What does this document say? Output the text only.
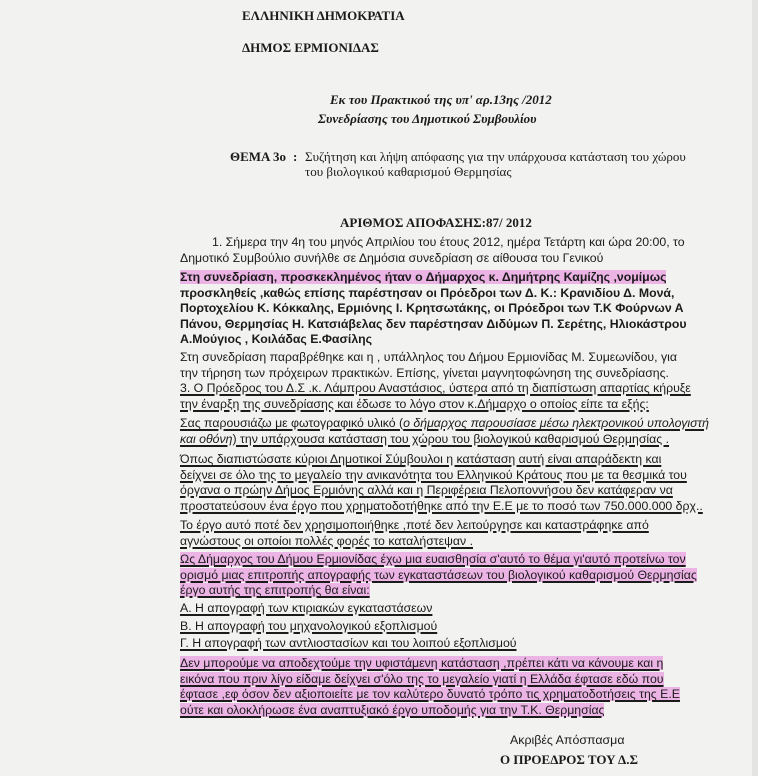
ΕΛΛΗΝΙΚΗ ΔΗΜΟΚΡΑΤΙΑ
ΔΗΜΟΣ ΕΡΜΙΟΝΙΔΑΣ
Εκ του Πρακτικού της υπ' αρ.13ης /2012
Συνεδρίασης του Δημοτικού Συμβουλίου
ΘΕΜΑ 3ο : Συζήτηση και λήψη απόφασης για την υπάρχουσα κατάσταση του χώρου
του βιολογικού καθαρισμού Θερμησίας
ΑΡΙΘΜΟΣ ΑΠΟΦΑΣΗΣ:87/ 2012
1. Σήμερα την 4η του μηνός Απριλίου του έτους 2012, ημέρα Τετάρτη και ώρα 20:00, το
Δημοτικό Συμβούλιο συνήλθε σε Δημόσια συνεδρίαση σε αίθουσα του Γενικού
Στη συνεδρίαση, προσκεκλημένος ήταν ο Δήμαρχος κ. Δημήτρης Καμίζης ,νομίμως
προσκληθείς ,καθώς επίσης παρέστησαν οι Πρόεδροι των Δ. Κ.: Κρανιδίου Δ. Μονά,
Πορτοχελίου Κ. Κόκκαλης, Ερμιόνης Ι. Κρητσωτάκης, οι Πρόεδροι των Τ.Κ Φούρνων Α
Πάνου, Θερμησίας Η. Κατσιάβελας δεν παρέστησαν Διδύμων Π. Σερέτης, Ηλιοκάστρου
Α.Μούγιος , Κοιλάδας Ε.Φασίλης
Στη συνεδρίαση παραβρέθηκε και η , υπάλληλος του Δήμου Ερμιονίδας Μ. Συμεωνίδου, για
την τήρηση των πρόχειρων πρακτικών. Επίσης, γίνεται μαγνητοφώνηση της συνεδρίασης.
3. Ο Πρόεδρος του Δ.Σ .κ. Λάμπρου Αναστάσιος, ύστερα από τη διαπίστωση απαρτίας κήρυξε
την έναρξη της συνεδρίασης και έδωσε το λόγο στον κ.Δήμαρχο ο οποίος είπε τα εξής:
Σας παρουσιάζω με φωτογραφικό υλικό (ο δήμαρχος παρουσίασε μέσω ηλεκτρονικού υπολογιστή
και οθόνη) την υπάρχουσα κατάσταση του χώρου του βιολογικού καθαρισμού Θερμησίας .
Όπως διαπιστώσατε κύριοι Δημοτικοί Σύμβουλοι η κατάσταση αυτή είναι απαράδεκτη και
δείχνει σε όλο της το μεγαλείο την ανικανότητα του Ελληνικού Κράτους που με τα θεσμικά του
όργανα ο πρώην Δήμος Ερμιόνης αλλά και η Περιφέρεια Πελοποννήσου δεν κατάφεραν να
προστατεύσουν ένα έργο που χρηματοδοτήθηκε από την Ε.Ε με το ποσό των 750.000.000 δρχ..
Το έργο αυτό ποτέ δεν χρησιμοποιήθηκε ,ποτέ δεν λειτούργησε και καταστράφηκε από
αγνώστους οι οποίοι πολλές φορές το καταλήστεψαν .
Ως Δήμαρχος του Δήμου Ερμιονίδας έχω μια ευαισθησία σ'αυτό το θέμα γι'αυτό προτείνω τον
ορισμό μιας επιτροπής απογραφής των εγκαταστάσεων του βιολογικού καθαρισμού Θερμησίας
έργο αυτής της επιτροπής θα είναι:
Α. Η απογραφή των κτιριακών εγκαταστάσεων
Β. Η απογραφή του μηχανολογικού εξοπλισμού
Γ. Η απογραφή των αντλιοστασίων και του λοιπού εξοπλισμού
Δεν μπορούμε να αποδεχτούμε την υφιστάμενη κατάσταση ,πρέπει κάτι να κάνουμε και η
εικόνα που πριν λίγο είδαμε δείχνει σ'όλο της το μεγαλείο γιατί η Ελλάδα έφτασε εδώ που
έφτασε ,εφ όσον δεν αξιοποιείτε με τον καλύτερο δυνατό τρόπο τις χρηματοδοτήσεις της Ε.Ε
ούτε και ολοκλήρωσε ένα αναπτυξιακό έργο υποδομής για την Τ.Κ. Θερμησίας
Ακριβές Απόσπασμα
Ο ΠΡΟΕΔΡΟΣ ΤΟΥ Δ.Σ
